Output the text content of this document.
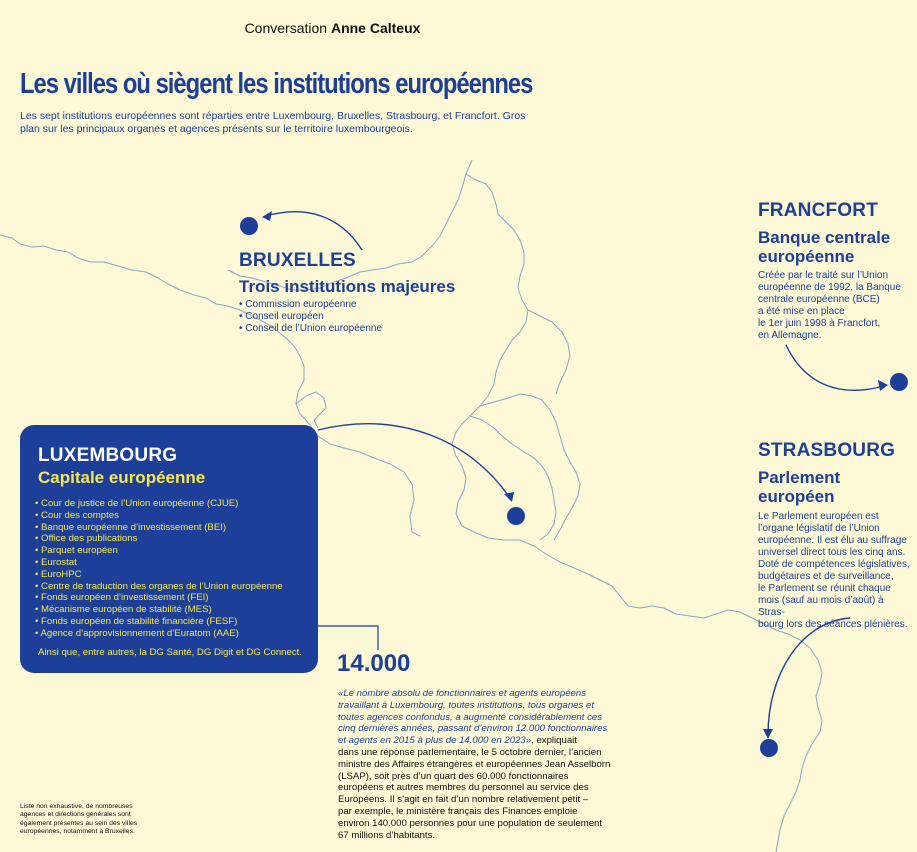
Conversation Anne Calteux
Les villes où siègent les institutions européennes
Les sept institutions européennes sont réparties entre Luxembourg, Bruxelles, Strasbourg, et Francfort. Gros plan sur les principaux organes et agences présents sur le territoire luxembourgeois.
BRUXELLES
Trois institutions majeures
• Commission européenne
• Conseil européen
• Conseil de l’Union européenne
FRANCFORT
Banque centrale européenne
Créée par le traité sur l’Union
européenne de 1992, la Banque
centrale européenne (BCE)
a été mise en place
le 1er juin 1998 à Francfort,
en Allemagne.
STRASBOURG
Parlement européen
Le Parlement européen est
l’organe législatif de l’Union
européenne. Il est élu au suffrage
universel direct tous les cinq ans.
Doté de compétences législatives,
budgétaires et de surveillance,
le Parlement se réunit chaque
mois (sauf au mois d’août) à Stras-
bourg lors des séances plénières.
LUXEMBOURG
Capitale européenne
• Cour de justice de l’Union européenne (CJUE)
• Cour des comptes
• Banque européenne d’investissement (BEI)
• Office des publications
• Parquet européen
• Eurostat
• EuroHPC
• Centre de traduction des organes de l’Union européenne
• Fonds européen d’investissement (FEI)
• Mécanisme européen de stabilité (MES)
• Fonds européen de stabilité financière (FESF)
• Agence d’approvisionnement d’Euratom (AAE)
Ainsi que, entre autres, la DG Santé, DG Digit et DG Connect. 14.000
«Le nombre absolu de fonctionnaires et agents européens
travaillant à Luxembourg, toutes institutions, tous organes et
toutes agences confondus, a augmenté considérablement ces
cinq dernières années, passant d’environ 12.000 fonctionnaires
et agents en 2015 à plus de 14.000 en 2023», expliquait
dans une réponse parlementaire, le 5 octobre dernier, l’ancien
ministre des Affaires étrangères et européennes Jean Asselborn
(LSAP), soit près d’un quart des 60.000 fonctionnaires
européens et autres membres du personnel au service des
Européens. Il s’agit en fait d’un nombre relativement petit –
par exemple, le ministère français des Finances emploie
environ 140.000 personnes pour une population de seulement
67 millions d’habitants.
Liste non exhaustive, de nombreuses agences et directions générales sont également présentes au sein des villes européennes, notamment à Bruxelles.
